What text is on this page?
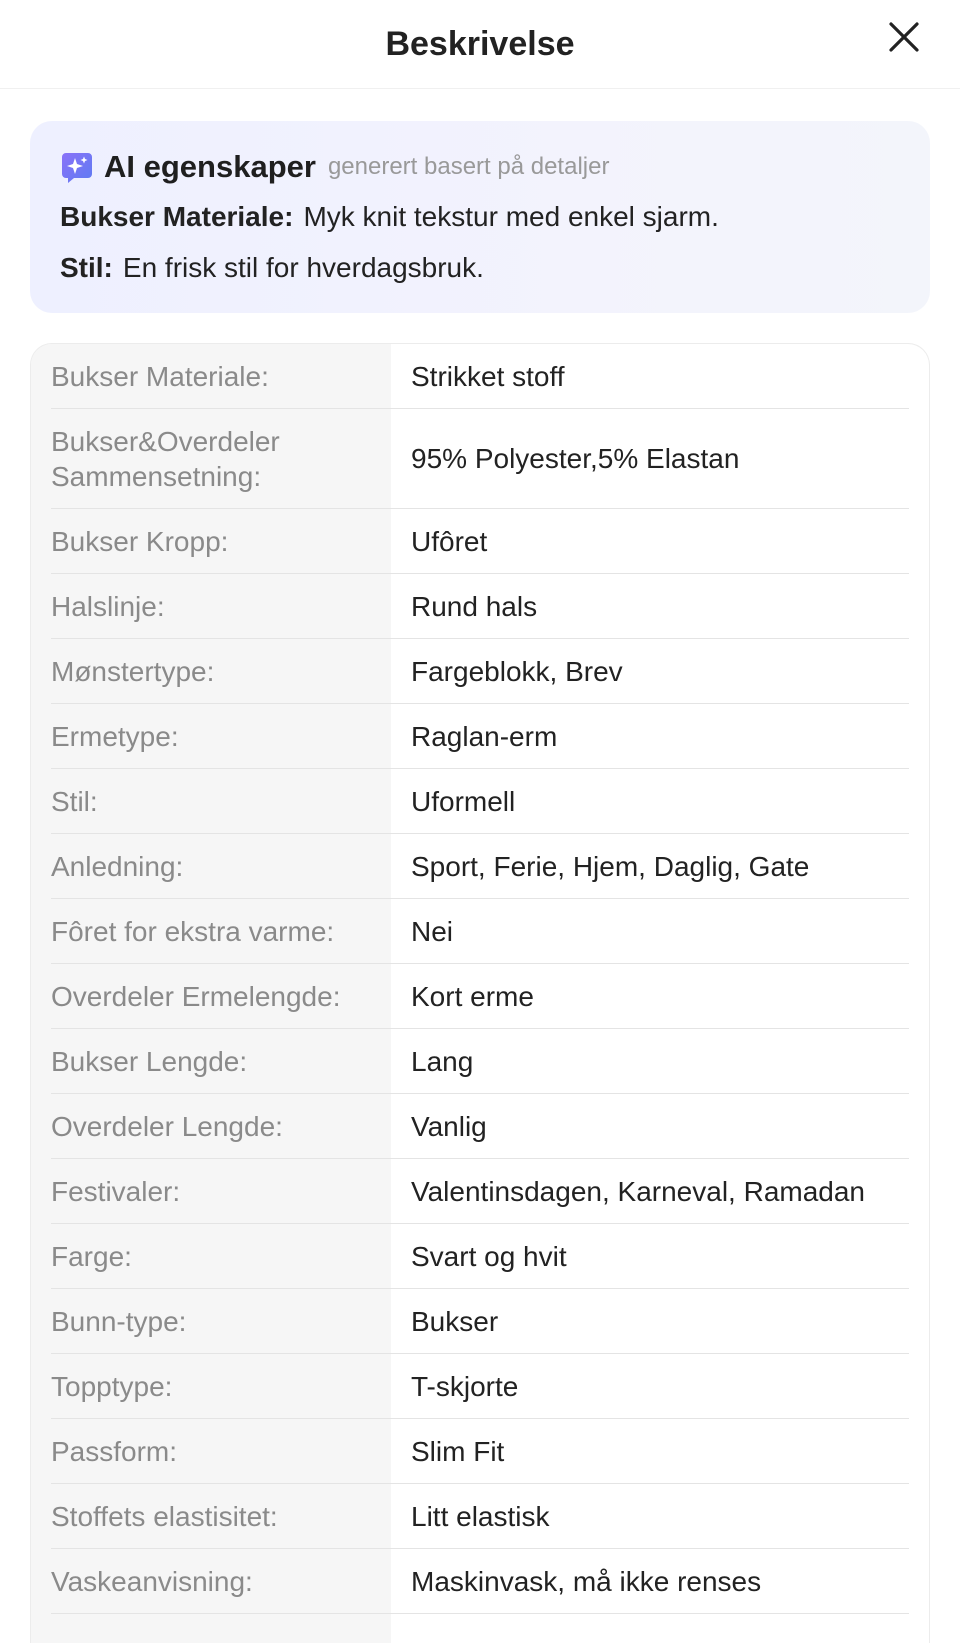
Beskrivelse
AI egenskaper generert basert på detaljer
Bukser Materiale: Myk knit tekstur med enkel sjarm.
Stil: En frisk stil for hverdagsbruk.
Bukser Materiale:	Strikket stoff
Bukser&Overdeler Sammensetning:
95% Polyester,5% Elastan
Bukser Kropp:	Ufôret
Halslinje:	Rund hals
Mønstertype:	Fargeblokk, Brev
Ermetype:	Raglan-erm
Stil:	Uformell
Anledning:	Sport, Ferie, Hjem, Daglig, Gate
Fôret for ekstra varme:	Nei
Overdeler Ermelengde:	Kort erme
Bukser Lengde:	Lang
Overdeler Lengde:	Vanlig
Festivaler:	Valentinsdagen, Karneval, Ramadan
Farge:	Svart og hvit
Bunn-type:	Bukser
Topptype:	T-skjorte
Passform:	Slim Fit
Stoffets elastisitet:	Litt elastisk
Vaskeanvisning:	Maskinvask, må ikke renses
